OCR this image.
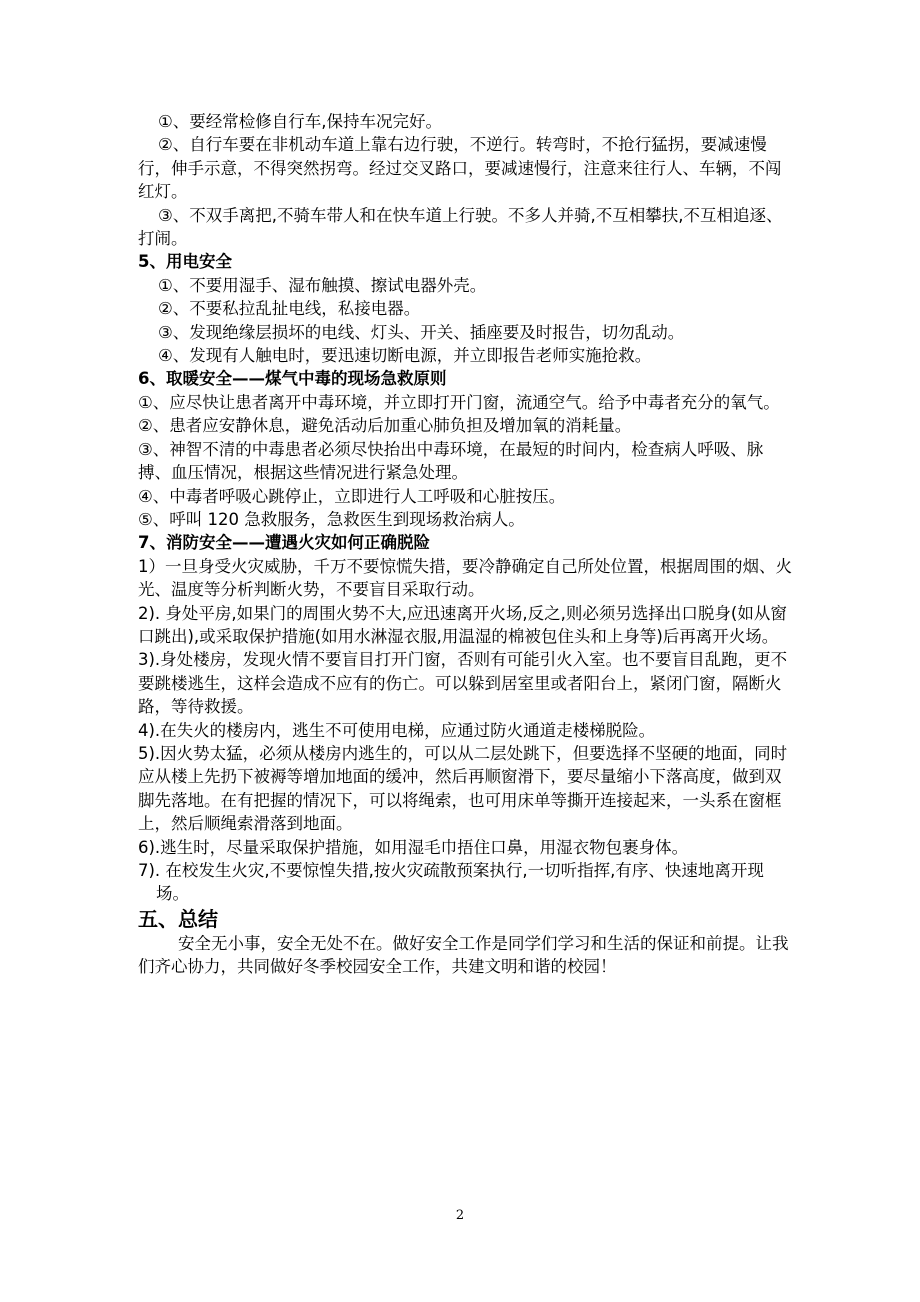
①、要经常检修自行车,保持车况完好。

②、自行车要在非机动车道上靠右边行驶，不逆行。转弯时，不抢行猛拐，要减速慢行，伸手示意，不得突然拐弯。经过交叉路口，要减速慢行，注意来往行人、车辆，不闯红灯。

③、不双手离把,不骑车带人和在快车道上行驶。不多人并骑,不互相攀扶,不互相追逐、打闹。

5、用电安全

①、不要用湿手、湿布触摸、擦试电器外壳。

②、不要私拉乱扯电线，私接电器。

③、发现绝缘层损坏的电线、灯头、开关、插座要及时报告，切勿乱动。

④、发现有人触电时，要迅速切断电源，并立即报告老师实施抢救。

6、取暖安全——煤气中毒的现场急救原则

①、应尽快让患者离开中毒环境，并立即打开门窗，流通空气。给予中毒者充分的氧气。

②、患者应安静休息，避免活动后加重心肺负担及增加氧的消耗量。

③、神智不清的中毒患者必须尽快抬出中毒环境，在最短的时间内，检查病人呼吸、脉搏、血压情况，根据这些情况进行紧急处理。

④、中毒者呼吸心跳停止，立即进行人工呼吸和心脏按压。

⑤、呼叫 120 急救服务，急救医生到现场救治病人。

7、消防安全——遭遇火灾如何正确脱险

1）一旦身受火灾威胁，千万不要惊慌失措，要冷静确定自己所处位置，根据周围的烟、火光、温度等分析判断火势，不要盲目采取行动。

2). 身处平房,如果门的周围火势不大,应迅速离开火场,反之,则必须另选择出口脱身(如从窗口跳出),或采取保护措施(如用水淋湿衣服,用温湿的棉被包住头和上身等)后再离开火场。

3).身处楼房，发现火情不要盲目打开门窗，否则有可能引火入室。也不要盲目乱跑，更不要跳楼逃生，这样会造成不应有的伤亡。可以躲到居室里或者阳台上，紧闭门窗，隔断火路，等待救援。

4).在失火的楼房内，逃生不可使用电梯，应通过防火通道走楼梯脱险。

5).因火势太猛，必须从楼房内逃生的，可以从二层处跳下，但要选择不坚硬的地面，同时应从楼上先扔下被褥等增加地面的缓冲，然后再顺窗滑下，要尽量缩小下落高度，做到双脚先落地。在有把握的情况下，可以将绳索，也可用床单等撕开连接起来，一头系在窗框上，然后顺绳索滑落到地面。

6).逃生时，尽量采取保护措施，如用湿毛巾捂住口鼻，用湿衣物包裹身体。

7). 在校发生火灾,不要惊惶失措,按火灾疏散预案执行,一切听指挥,有序、快速地离开现场。

五、总结

安全无小事，安全无处不在。做好安全工作是同学们学习和生活的保证和前提。让我们齐心协力，共同做好冬季校园安全工作，共建文明和谐的校园！

2
